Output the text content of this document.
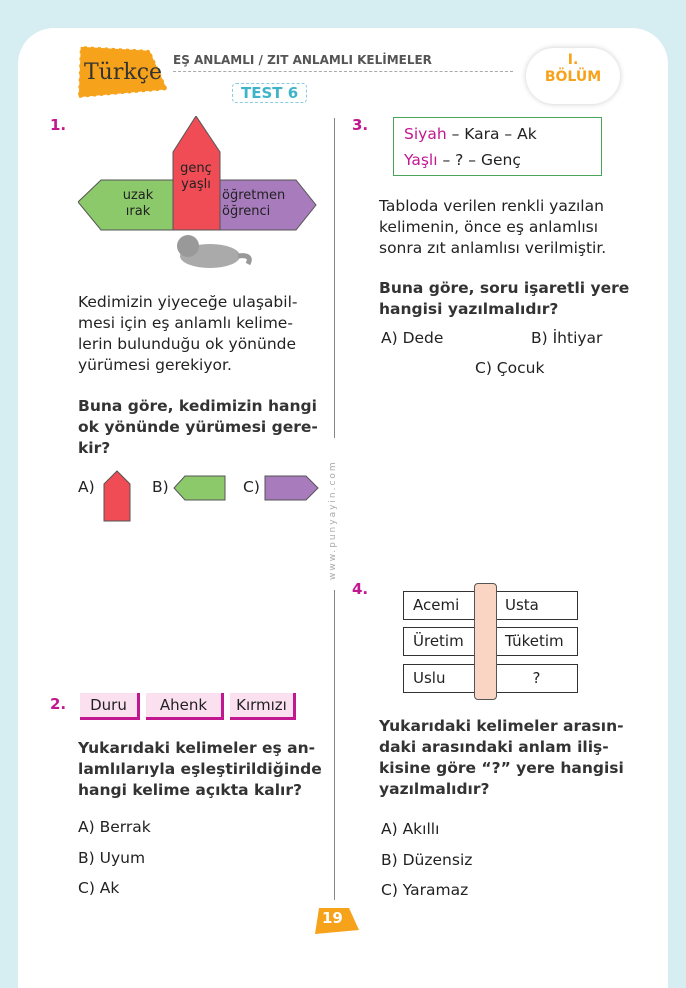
Türkçe EŞ ANLAMLI / ZIT ANLAMLI KELİMELER
TEST 6
I.
BÖLÜM
www.punyayin.com
1.
genç
yaşlı
uzak
ırak
öğretmen
öğrenci
Kedimizin yiyeceğe ulaşabil-
mesi için eş anlamlı kelime-
lerin bulunduğu ok yönünde
yürümesi gerekiyor.
Buna göre, kedimizin hangi
ok yönünde yürümesi gere-
kir?
A)	B)	C)
2.	Duru	Ahenk	Kırmızı
Yukarıdaki kelimeler eş an-
lamlılarıyla eşleştirildiğinde
hangi kelime açıkta kalır?
A) Berrak
B) Uyum
C) Ak
3. Siyah – Kara – Ak
Yaşlı – ? – Genç
Tabloda verilen renkli yazılan
kelimenin, önce eş anlamlısı
sonra zıt anlamlısı verilmiştir.
Buna göre, soru işaretli yere
hangisi yazılmalıdır?
A) Dede	B) İhtiyar
C) Çocuk
4.
Acemi	Usta
Üretim	Tüketim
Uslu	?
Yukarıdaki kelimeler arasın-
daki arasındaki anlam iliş-
kisine göre “?” yere hangisi
yazılmalıdır?
A) Akıllı
B) Düzensiz
C) Yaramaz
19
